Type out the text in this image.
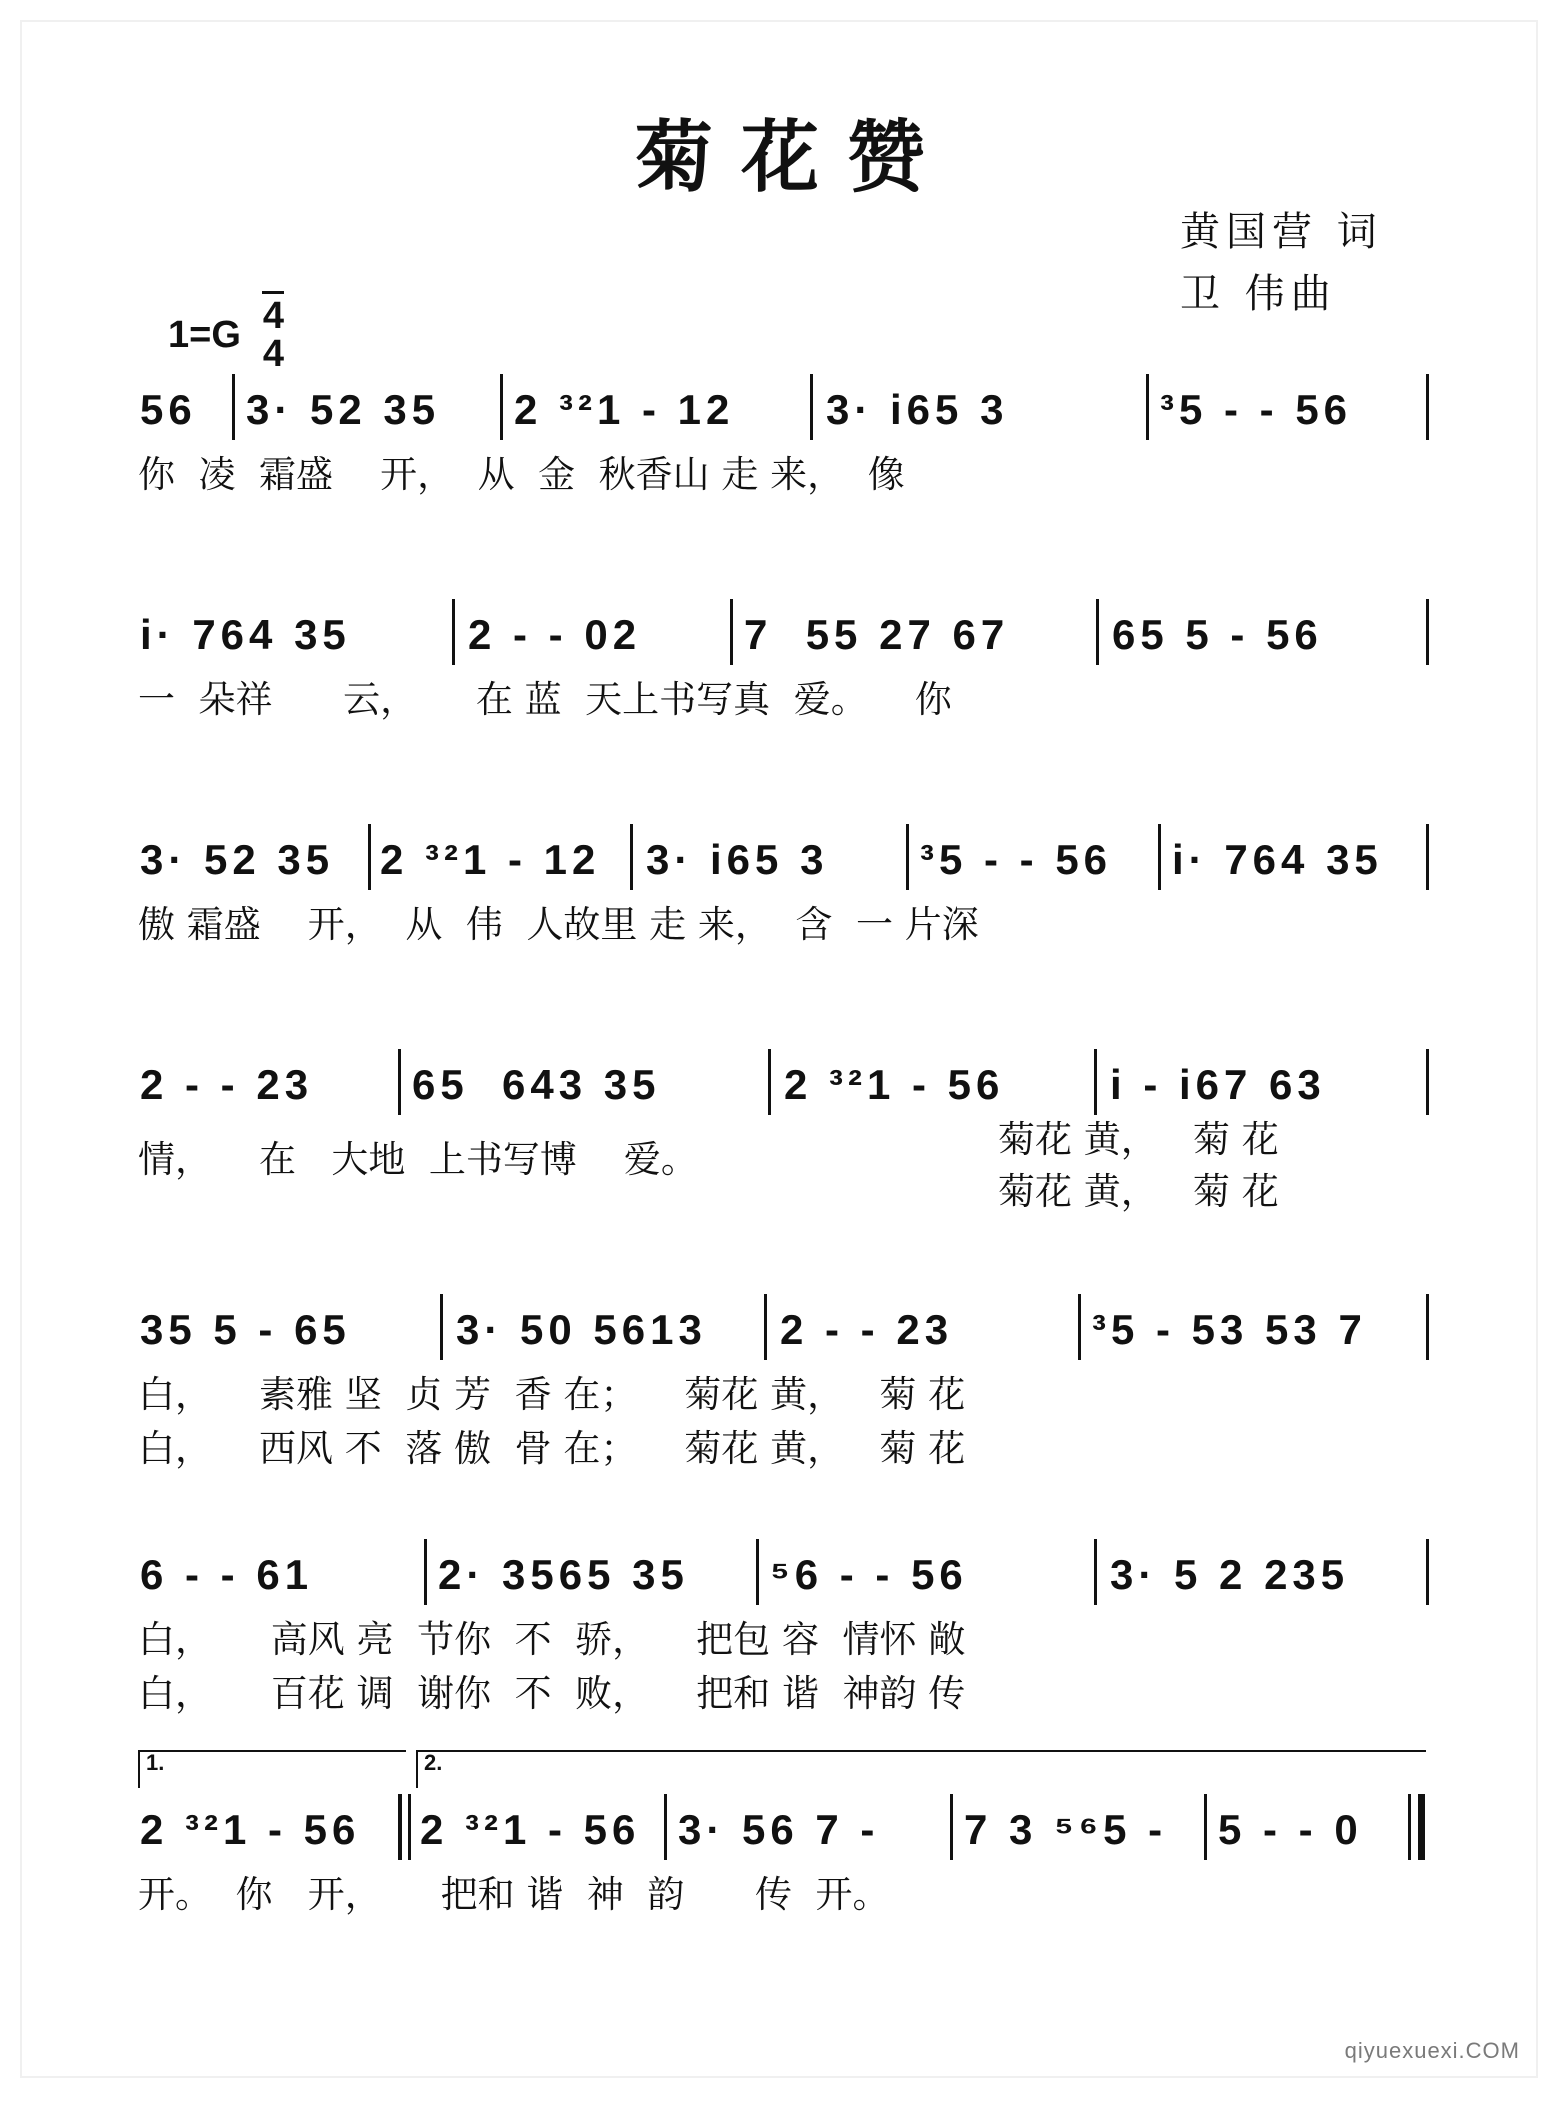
菊花赞
黄国营 词
卫 伟曲
$1=G \frac{4}{4}$
56 3· 52 35 2 ³²1 - 12 3· i65 3	³5 - - 56
你  凌  霜盛    开，  从  金  秋香山 走 来，  像
i· 764 35	2 - - 02 7  55 27 67 65 5 - 56
一  朵祥      云，     在 蓝  天上书写真  爱。    你
3· 52 35 2 ³²1 - 12 3· i65 3 ³5 - - 56 i· 764 35
傲 霜盛    开，  从  伟  人故里 走 来，  含  一 片深
2 - - 23 65  643 35	2 ³²1 - 56	i - i67 63
情，    在   大地  上书写博    爱。	菊花 黄，   菊 花
菊花 黄，   菊 花
35 5 - 65	3· 50 5613 2 - - 23	³5 - 53 53 7
白，    素雅 坚  贞 芳  香 在；    菊花 黄，   菊 花
白，    西风 不  落 傲  骨 在；    菊花 黄，   菊 花
6 - - 61	2· 3565 35 ⁵6 - - 56	3· 5 2 235
白，     高风 亮  节你  不  骄，    把包 容  情怀 敞
白，     百花 调  谢你  不  败，    把和 谐  神韵 传
1.	2.
2 ³²1 - 56 2 ³²1 - 56 3· 56 7 - 7 3 ⁵⁶5 - 5 - - 0
开。  你   开，     把和 谐  神  韵      传  开。
qiyuexuexi.COM
